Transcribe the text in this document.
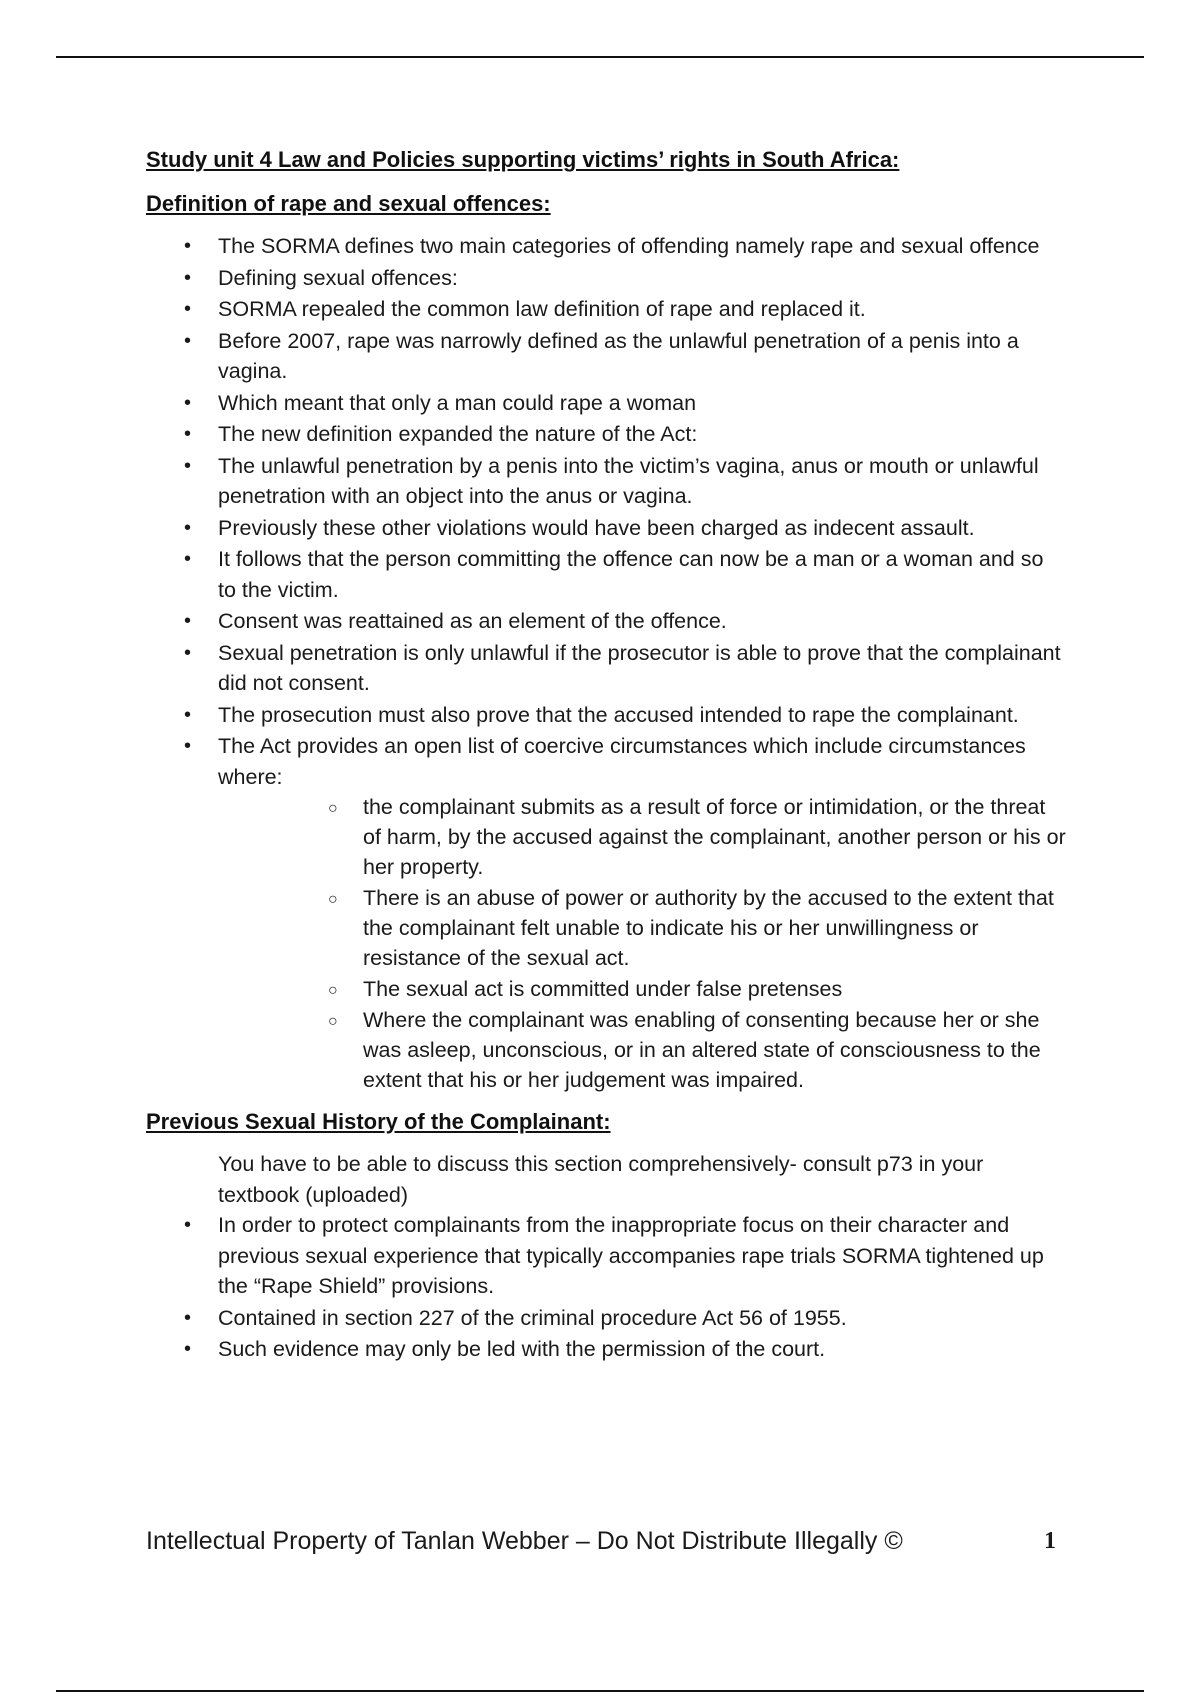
Study unit 4 Law and Policies supporting victims’ rights in South Africa:

Definition of rape and sexual offences:

• The SORMA defines two main categories of offending namely rape and sexual offence
• Defining sexual offences:
• SORMA repealed the common law definition of rape and replaced it.
• Before 2007, rape was narrowly defined as the unlawful penetration of a penis into a vagina.
• Which meant that only a man could rape a woman
• The new definition expanded the nature of the Act:
• The unlawful penetration by a penis into the victim’s vagina, anus or mouth or unlawful penetration with an object into the anus or vagina.
• Previously these other violations would have been charged as indecent assault.
• It follows that the person committing the offence can now be a man or a woman and so to the victim.
• Consent was reattained as an element of the offence.
• Sexual penetration is only unlawful if the prosecutor is able to prove that the complainant did not consent.
• The prosecution must also prove that the accused intended to rape the complainant.
• The Act provides an open list of coercive circumstances which include circumstances where:
○ the complainant submits as a result of force or intimidation, or the threat of harm, by the accused against the complainant, another person or his or her property.
○ There is an abuse of power or authority by the accused to the extent that the complainant felt unable to indicate his or her unwillingness or resistance of the sexual act.
○ The sexual act is committed under false pretenses
○ Where the complainant was enabling of consenting because her or she was asleep, unconscious, or in an altered state of consciousness to the extent that his or her judgement was impaired.

Previous Sexual History of the Complainant:

You have to be able to discuss this section comprehensively- consult p73 in your textbook (uploaded)
• In order to protect complainants from the inappropriate focus on their character and previous sexual experience that typically accompanies rape trials SORMA tightened up the “Rape Shield” provisions.
• Contained in section 227 of the criminal procedure Act 56 of 1955.
• Such evidence may only be led with the permission of the court.
Intellectual Property of Tanlan Webber – Do Not Distribute Illegally ©	1
